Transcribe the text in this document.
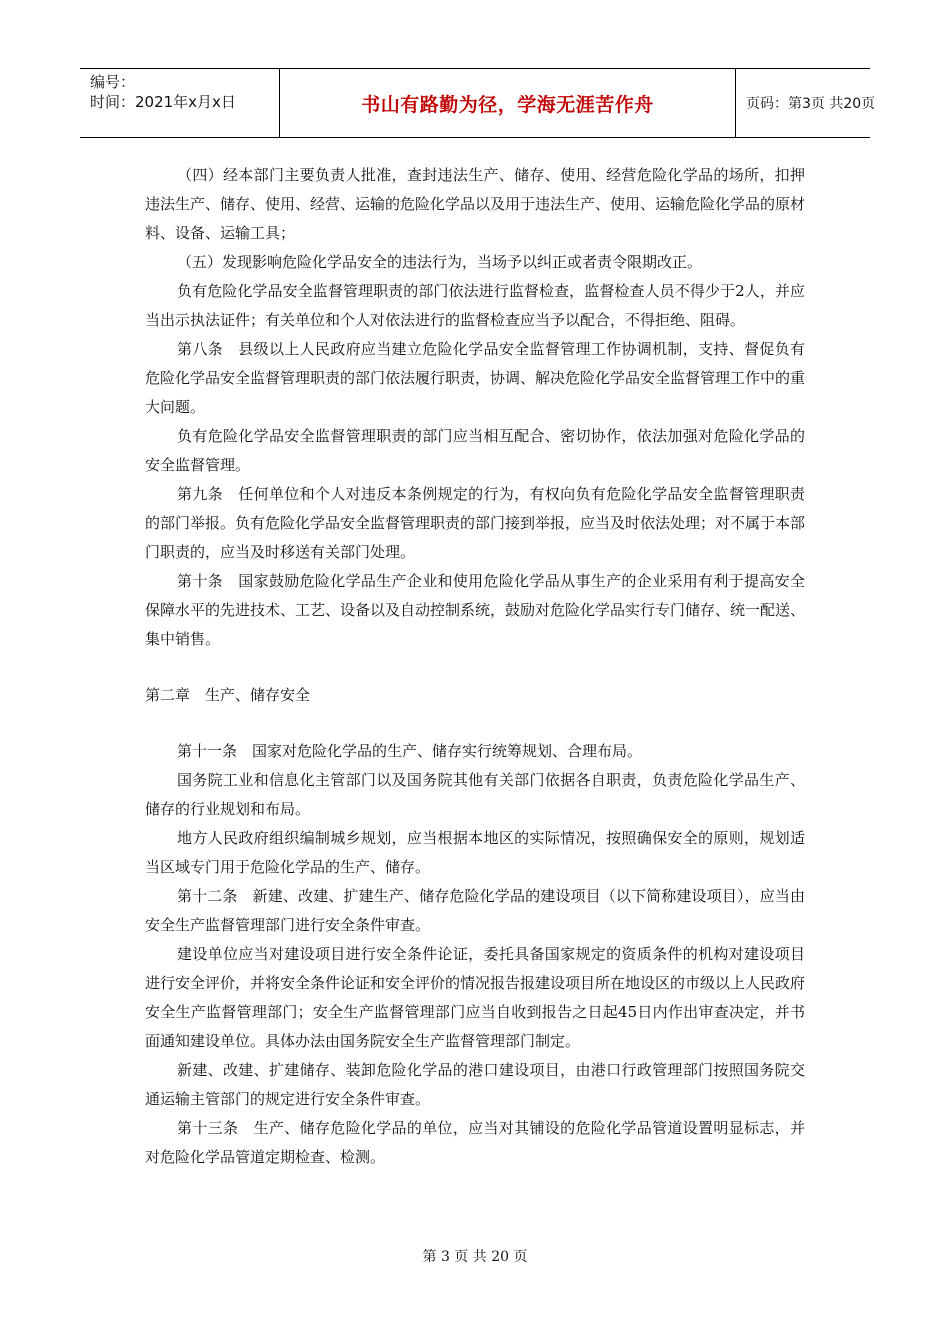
编号：
时间：2021年x月x日	书山有路勤为径，学海无涯苦作舟	页码：第3页 共20页

（四）经本部门主要负责人批准，查封违法生产、储存、使用、经营危险化学品的场所，扣押违法生产、储存、使用、经营、运输的危险化学品以及用于违法生产、使用、运输危险化学品的原材料、设备、运输工具；

（五）发现影响危险化学品安全的违法行为，当场予以纠正或者责令限期改正。

负有危险化学品安全监督管理职责的部门依法进行监督检查，监督检查人员不得少于2人，并应当出示执法证件；有关单位和个人对依法进行的监督检查应当予以配合，不得拒绝、阻碍。

第八条　县级以上人民政府应当建立危险化学品安全监督管理工作协调机制，支持、督促负有危险化学品安全监督管理职责的部门依法履行职责，协调、解决危险化学品安全监督管理工作中的重大问题。

负有危险化学品安全监督管理职责的部门应当相互配合、密切协作，依法加强对危险化学品的安全监督管理。

第九条　任何单位和个人对违反本条例规定的行为，有权向负有危险化学品安全监督管理职责的部门举报。负有危险化学品安全监督管理职责的部门接到举报，应当及时依法处理；对不属于本部门职责的，应当及时移送有关部门处理。

第十条　国家鼓励危险化学品生产企业和使用危险化学品从事生产的企业采用有利于提高安全保障水平的先进技术、工艺、设备以及自动控制系统，鼓励对危险化学品实行专门储存、统一配送、集中销售。

第二章　生产、储存安全

第十一条　国家对危险化学品的生产、储存实行统筹规划、合理布局。

国务院工业和信息化主管部门以及国务院其他有关部门依据各自职责，负责危险化学品生产、储存的行业规划和布局。

地方人民政府组织编制城乡规划，应当根据本地区的实际情况，按照确保安全的原则，规划适当区域专门用于危险化学品的生产、储存。

第十二条　新建、改建、扩建生产、储存危险化学品的建设项目（以下简称建设项目），应当由安全生产监督管理部门进行安全条件审查。

建设单位应当对建设项目进行安全条件论证，委托具备国家规定的资质条件的机构对建设项目进行安全评价，并将安全条件论证和安全评价的情况报告报建设项目所在地设区的市级以上人民政府安全生产监督管理部门；安全生产监督管理部门应当自收到报告之日起45日内作出审查决定，并书面通知建设单位。具体办法由国务院安全生产监督管理部门制定。

新建、改建、扩建储存、装卸危险化学品的港口建设项目，由港口行政管理部门按照国务院交通运输主管部门的规定进行安全条件审查。

第十三条　生产、储存危险化学品的单位，应当对其铺设的危险化学品管道设置明显标志，并对危险化学品管道定期检查、检测。

第 3 页 共 20 页
